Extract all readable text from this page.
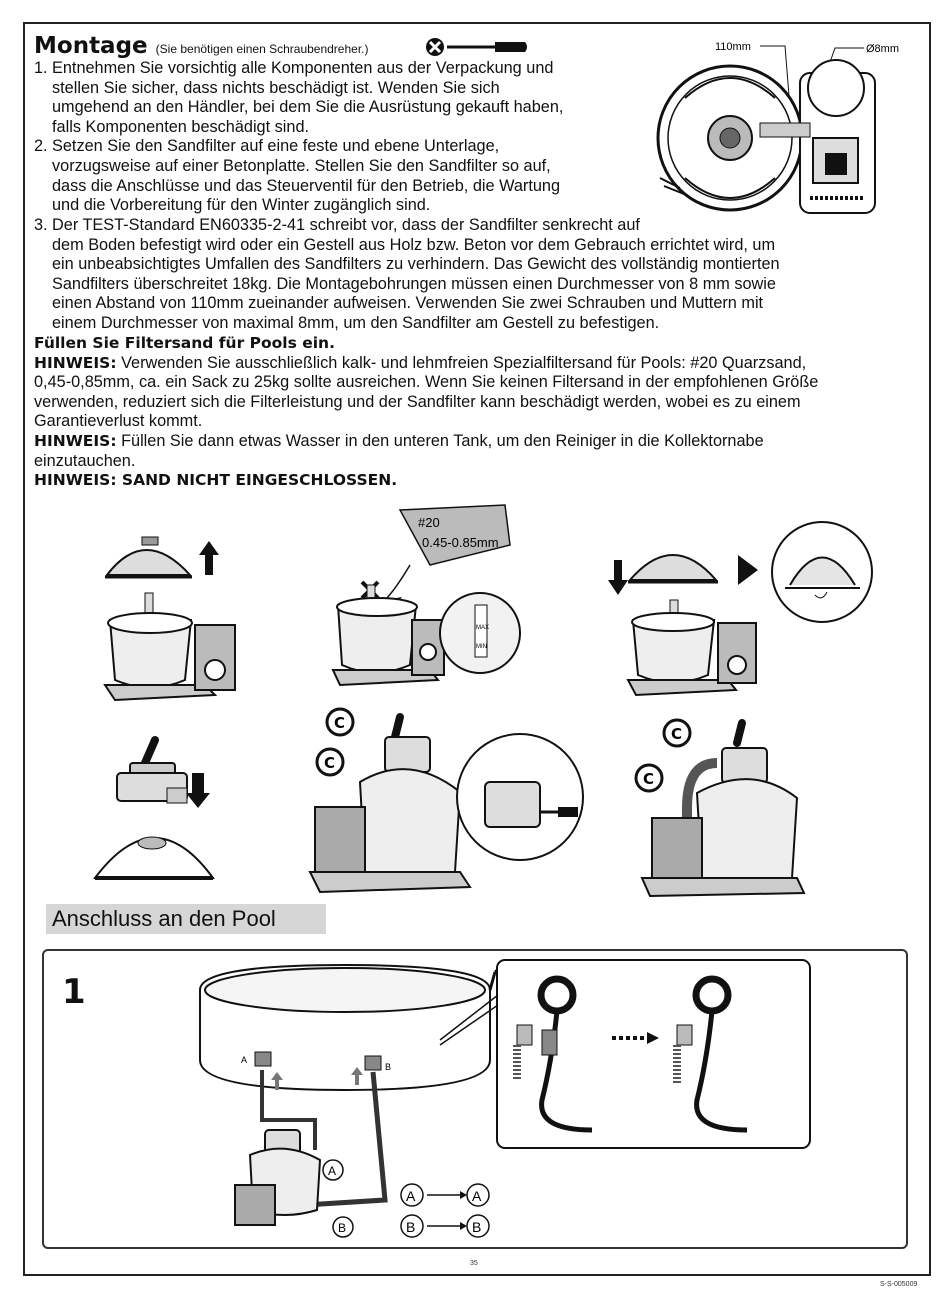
Montage (Sie benötigen einen Schraubendreher.)
1. Entnehmen Sie vorsichtig alle Komponenten aus der Verpackung und
stellen Sie sicher, dass nichts beschädigt ist. Wenden Sie sich
umgehend an den Händler, bei dem Sie die Ausrüstung gekauft haben,
falls Komponenten beschädigt sind.
2. Setzen Sie den Sandfilter auf eine feste und ebene Unterlage,
vorzugsweise auf einer Betonplatte. Stellen Sie den Sandfilter so auf,
dass die Anschlüsse und das Steuerventil für den Betrieb, die Wartung
und die Vorbereitung für den Winter zugänglich sind.
3. Der TEST-Standard EN60335-2-41 schreibt vor, dass der Sandfilter senkrecht auf
dem Boden befestigt wird oder ein Gestell aus Holz bzw. Beton vor dem Gebrauch errichtet wird, um
ein unbeabsichtigtes Umfallen des Sandfilters zu verhindern. Das Gewicht des vollständig montierten
Sandfilters überschreitet 18kg. Die Montagebohrungen müssen einen Durchmesser von 8 mm sowie
einen Abstand von 110mm zueinander aufweisen. Verwenden Sie zwei Schrauben und Muttern mit
einem Durchmesser von maximal 8mm, um den Sandfilter am Gestell zu befestigen.
Füllen Sie Filtersand für Pools ein.
HINWEIS: Verwenden Sie ausschließlich kalk- und lehmfreien Spezialfiltersand für Pools: #20 Quarzsand,
0,45-0,85mm, ca. ein Sack zu 25kg sollte ausreichen. Wenn Sie keinen Filtersand in der empfohlenen Größe
verwenden, reduziert sich die Filterleistung und der Sandfilter kann beschädigt werden, wobei es zu einem
Garantieverlust kommt.
HINWEIS: Füllen Sie dann etwas Wasser in den unteren Tank, um den Reiniger in die Kollektornabe
einzutauchen.
HINWEIS: SAND NICHT EINGESCHLOSSEN.
110mm	Ø8mm
#20
0.45-0.85mm
MAX
MIN
C
C
C
C
Anschluss an den Pool
1
A
B
A
B
A	A
B	B
35
S-S-005009
